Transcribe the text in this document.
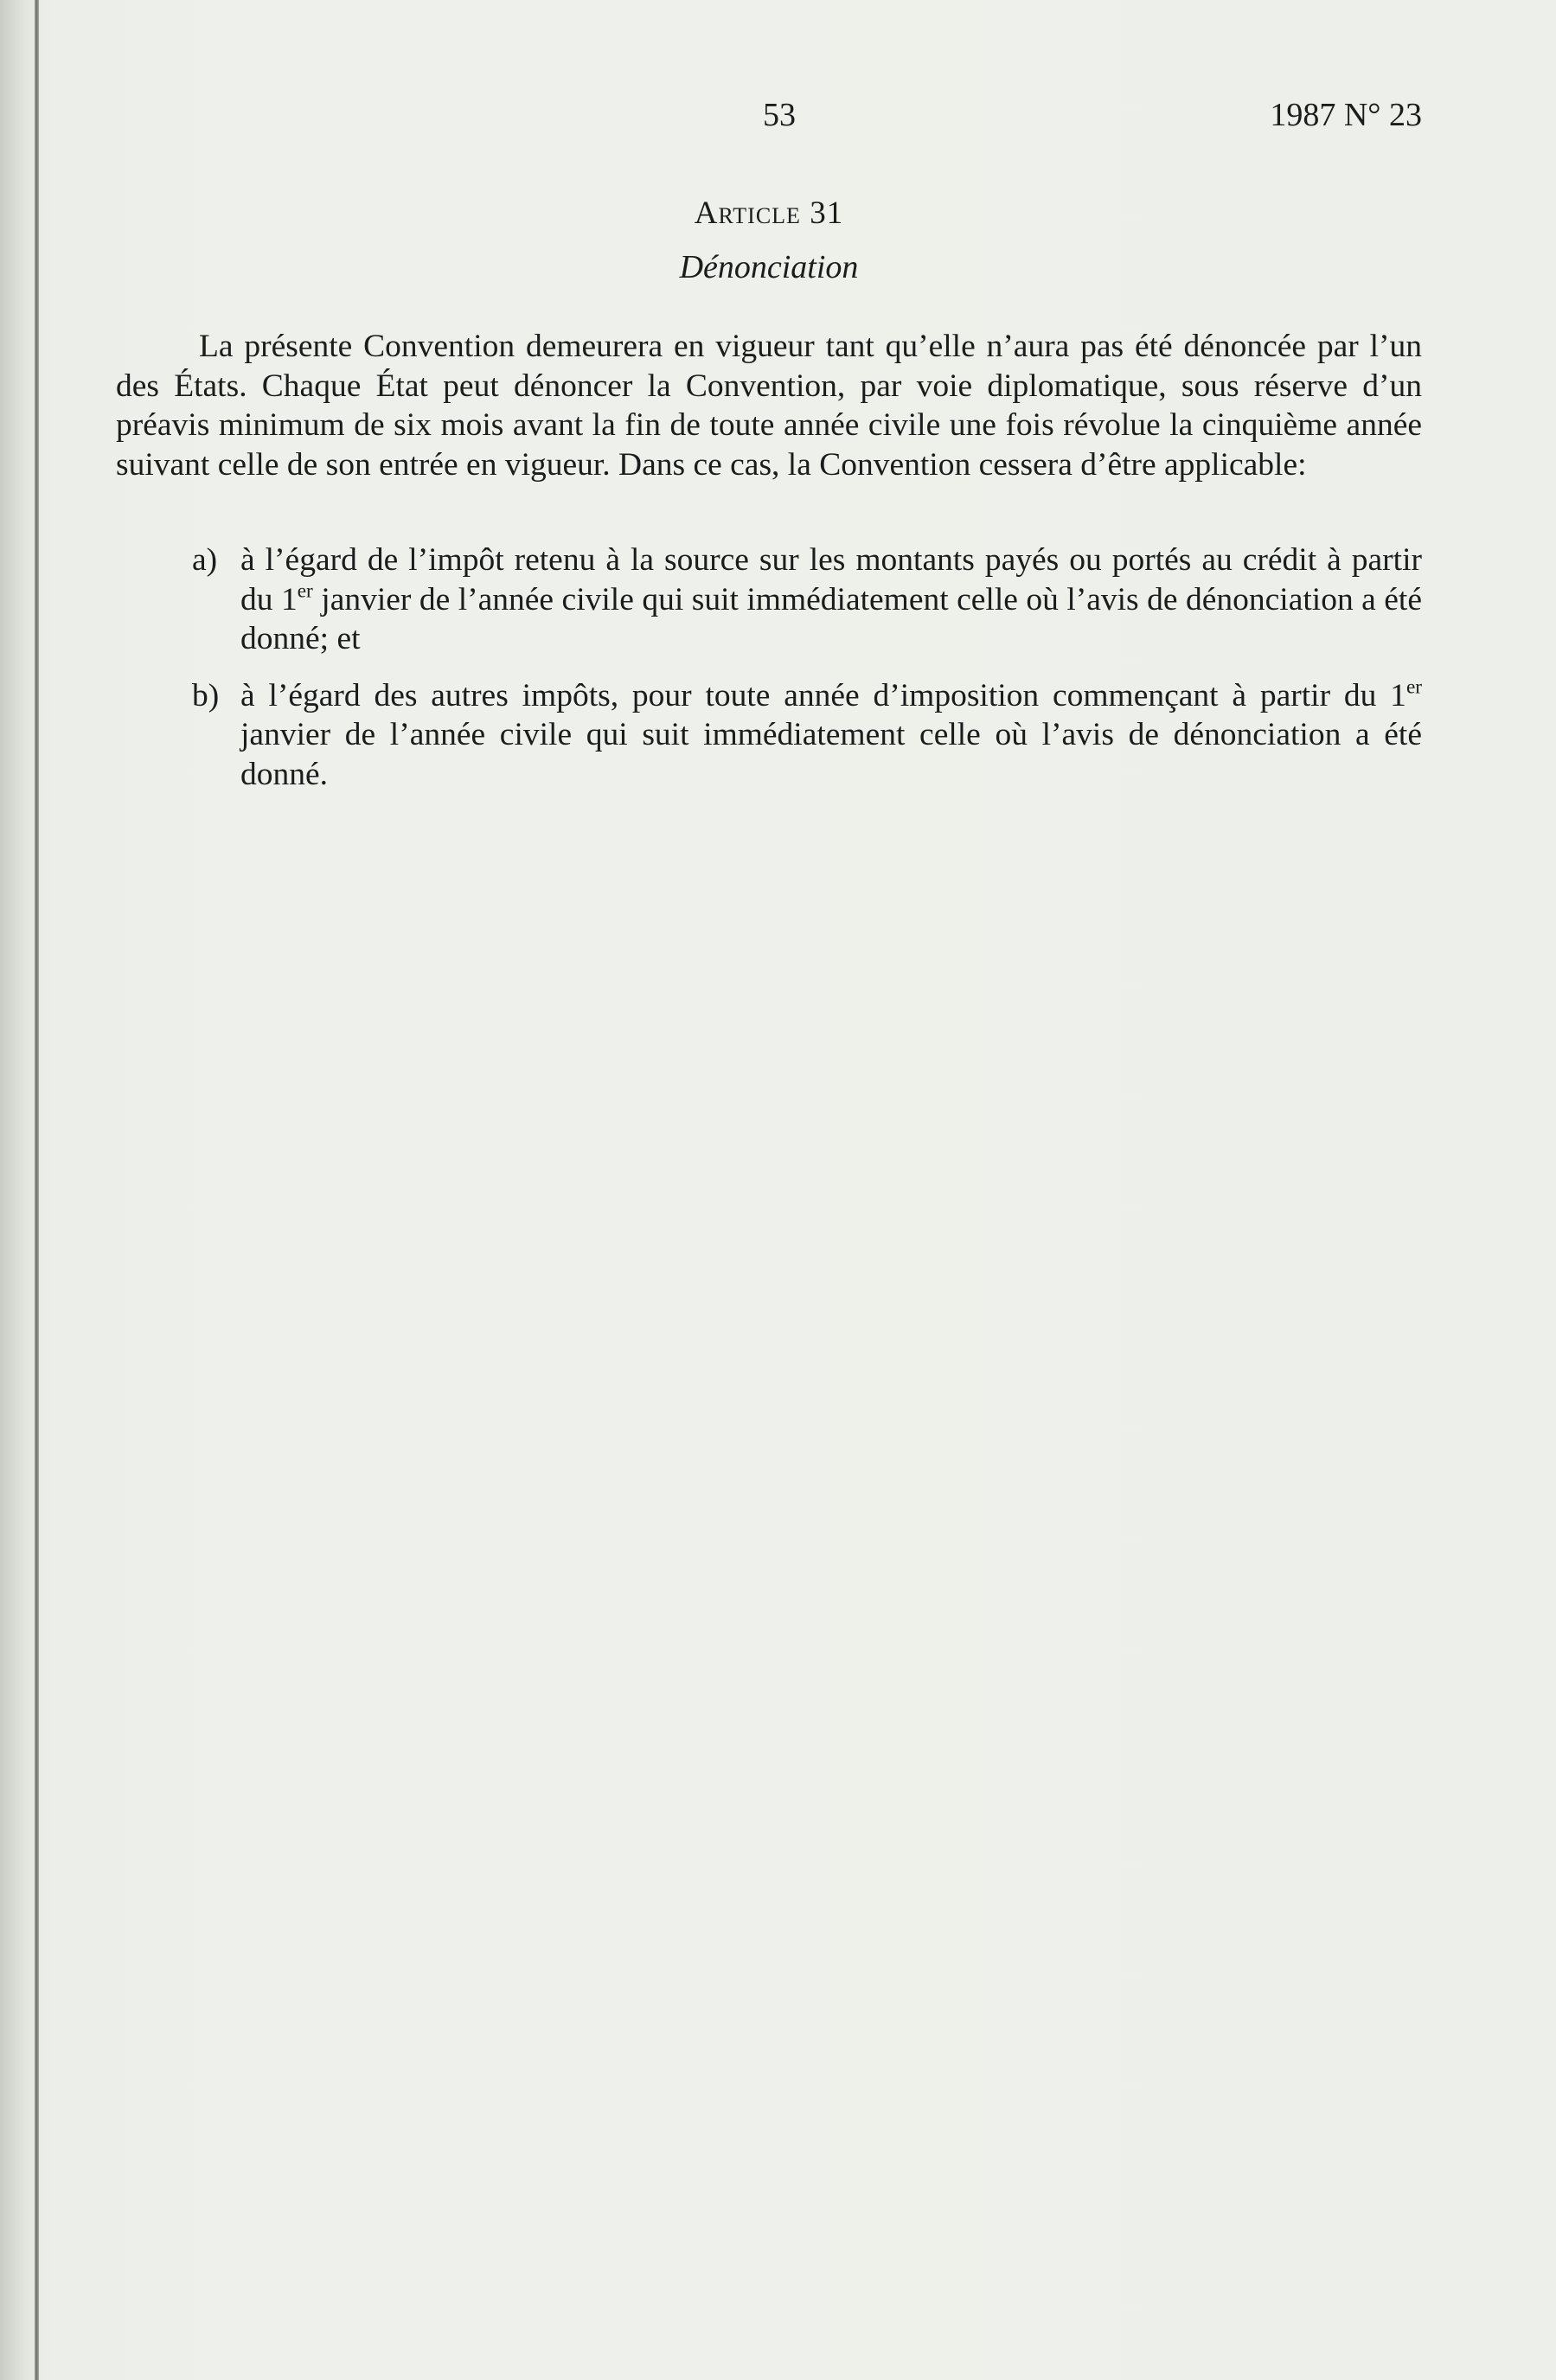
53	1987 N° 23
Article 31
Dénonciation

La présente Convention demeurera en vigueur tant qu’elle n’aura pas été dénoncée par l’un des États. Chaque État peut dénoncer la Convention, par voie diplomatique, sous réserve d’un préavis minimum de six mois avant la fin de toute année civile une fois révolue la cinquième année suivant celle de son entrée en vigueur. Dans ce cas, la Convention cessera d’être applicable:

a) à l’égard de l’impôt retenu à la source sur les montants payés ou portés au crédit à partir du 1er janvier de l’année civile qui suit immédiatement celle où l’avis de dénonciation a été donné; et
b) à l’égard des autres impôts, pour toute année d’imposition commençant à partir du 1er janvier de l’année civile qui suit immédiatement celle où l’avis de dénonciation a été donné.
